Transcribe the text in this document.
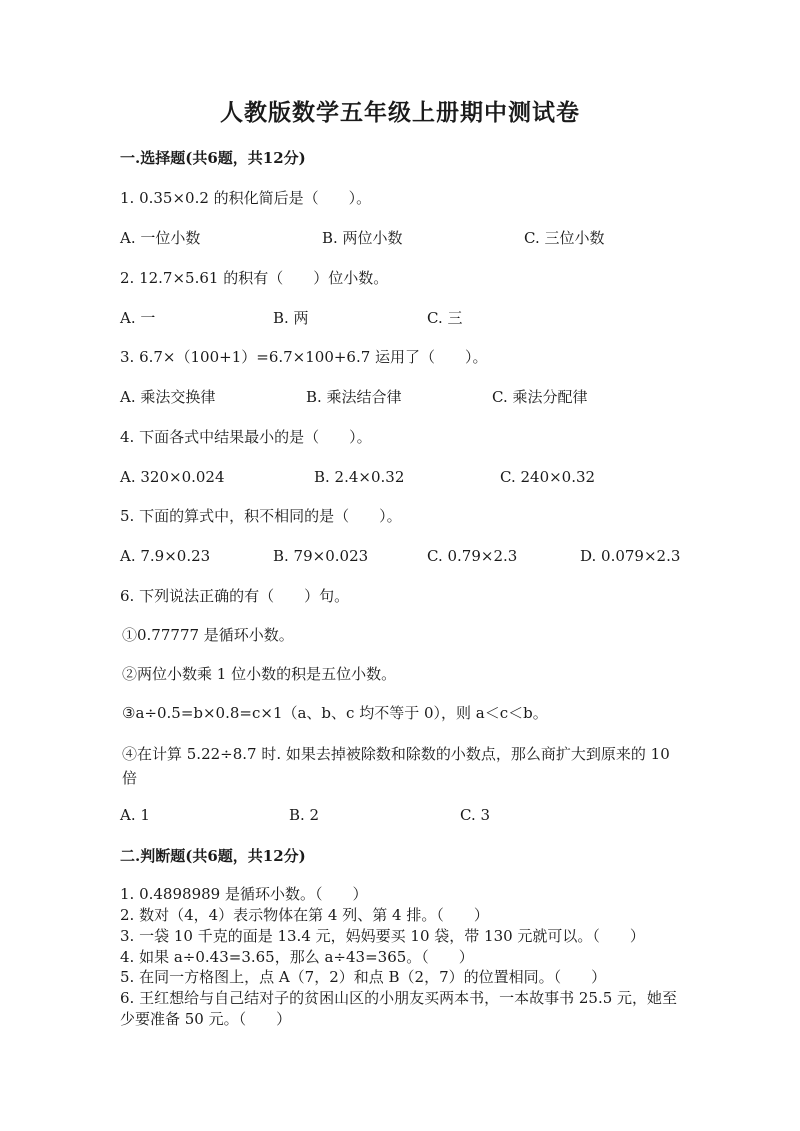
人教版数学五年级上册期中测试卷
一.选择题(共6题，共12分)
1. 0.35×0.2 的积化简后是（　　）。
A. 一位小数	B. 两位小数	C. 三位小数
2. 12.7×5.61 的积有（　　）位小数。
A. 一	B. 两	C. 三
3. 6.7×（100+1）=6.7×100+6.7 运用了（　　）。
A. 乘法交换律	B. 乘法结合律	C. 乘法分配律
4. 下面各式中结果最小的是（　　）。
A. 320×0.024	B. 2.4×0.32	C. 240×0.32
5. 下面的算式中，积不相同的是（　　）。
A. 7.9×0.23	B. 79×0.023	C. 0.79×2.3	D. 0.079×2.3
6. 下列说法正确的有（　　）句。
①0.77777 是循环小数。
②两位小数乘 1 位小数的积是五位小数。
③a÷0.5=b×0.8=c×1（a、b、c 均不等于 0），则 a＜c＜b。
④在计算 5.22÷8.7 时. 如果去掉被除数和除数的小数点，那么商扩大到原来的 10 倍
A. 1	B. 2	C. 3
二.判断题(共6题，共12分)
1. 0.4898989 是循环小数。（　　）
2. 数对（4，4）表示物体在第 4 列、第 4 排。（　　）
3. 一袋 10 千克的面是 13.4 元，妈妈要买 10 袋，带 130 元就可以。（　　）
4. 如果 a÷0.43=3.65，那么 a÷43=365。（　　）
5. 在同一方格图上，点 A（7，2）和点 B（2，7）的位置相同。（　　）
6. 王红想给与自己结对子的贫困山区的小朋友买两本书，一本故事书 25.5 元，她至少要准备 50 元。（　　）
